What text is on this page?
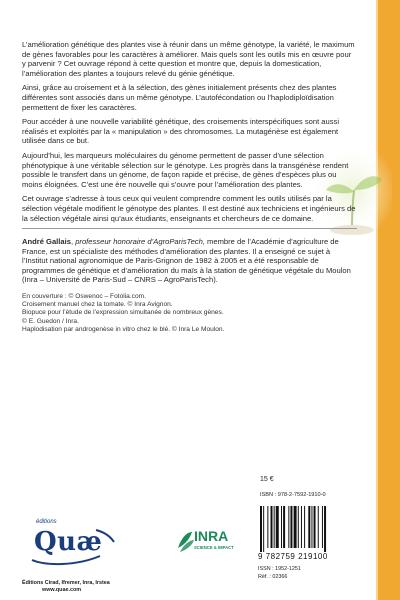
L’amélioration génétique des plantes vise à réunir dans un même génotype, la variété, le maximum de gènes favorables pour les caractères à améliorer. Mais quels sont les outils mis en œuvre pour y parvenir ? Cet ouvrage répond à cette question et montre que, depuis la domestication, l’amélioration des plantes a toujours relevé du génie génétique.

Ainsi, grâce au croisement et à la sélection, des gènes initialement présents chez des plantes différentes sont associés dans un même génotype. L’autofécondation ou l’haplodiploïdisation permettent de fixer les caractères.

Pour accéder à une nouvelle variabilité génétique, des croisements interspécifiques sont aussi réalisés et exploités par la « manipulation » des chromosomes. La mutagénèse est également utilisée dans ce but.

Aujourd’hui, les marqueurs moléculaires du génome permettent de passer d’une sélection phénotypique à une véritable sélection sur le génotype. Les progrès dans la transgénèse rendent possible le transfert dans un génome, de façon rapide et précise, de gènes d’espèces plus ou moins éloignées. C’est une ère nouvelle qui s’ouvre pour l’amélioration des plantes.

Cet ouvrage s’adresse à tous ceux qui veulent comprendre comment les outils utilisés par la sélection végétale modifient le génotype des plantes. Il est destiné aux techniciens et ingénieurs de la sélection végétale ainsi qu’aux étudiants, enseignants et chercheurs de ce domaine.

André Gallais, professeur honoraire d’AgroParisTech, membre de l’Académie d’agriculture de France, est un spécialiste des méthodes d’amélioration des plantes. Il a enseigné ce sujet à l’Institut national agronomique de Paris-Grignon de 1982 à 2005 et a été responsable de programmes de génétique et d’amélioration du maïs à la station de génétique végétale du Moulon (Inra – Université de Paris-Sud – CNRS – AgroParisTech).

En couverture : © Oswenoc – Fotolia.com.
Croisement manuel chez la tomate. © Inra Avignon.
Biopuce pour l’étude de l’expression simultanée de nombreux gènes.
© E. Guedon / Inra.
Haplodisation par androgenèse in vitro chez le blé. © Inra Le Moulon.
éditions
Quæ
Éditions Cirad, Ifremer, Inra, Irstea
www.quae.com
INRA
SCIENCE & IMPACT
15 €
ISBN : 978-2-7592-1910-0
9 782759 219100
ISSN : 1952-1251
Réf. : 02366
